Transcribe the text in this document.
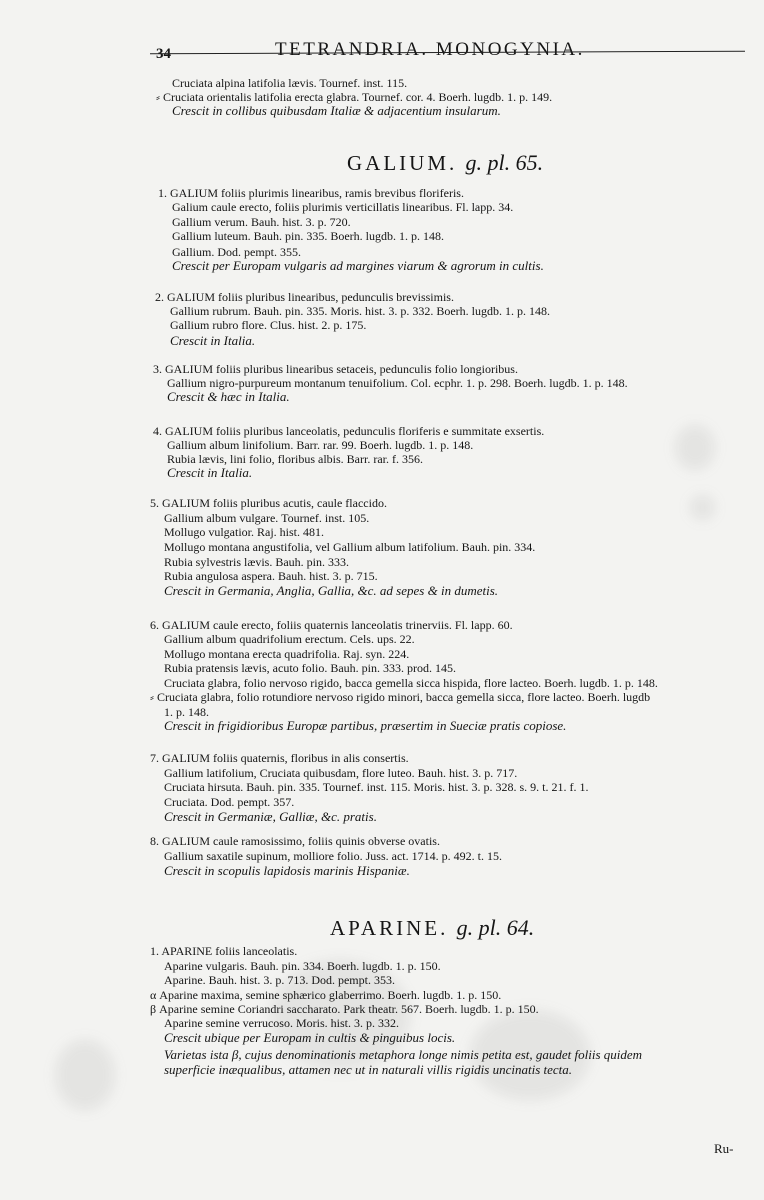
34	TETRANDRIA. MONOGYNIA.
Cruciata alpina latifolia lævis. Tournef. inst. 115.
⸗ Cruciata orientalis latifolia erecta glabra. Tournef. cor. 4. Boerh. lugdb. 1. p. 149.
Crescit in collibus quibusdam Italiæ & adjacentium insularum.
1. GALIUM foliis plurimis linearibus, ramis brevibus floriferis.
Galium caule erecto, foliis plurimis verticillatis linearibus. Fl. lapp. 34.
Gallium verum. Bauh. hist. 3. p. 720.
Gallium luteum. Bauh. pin. 335. Boerh. lugdb. 1. p. 148.
Gallium. Dod. pempt. 355.
Crescit per Europam vulgaris ad margines viarum & agrorum in cultis.
2. GALIUM foliis pluribus linearibus, pedunculis brevissimis.
Gallium rubrum. Bauh. pin. 335. Moris. hist. 3. p. 332. Boerh. lugdb. 1. p. 148.
Gallium rubro flore. Clus. hist. 2. p. 175.
Crescit in Italia.
3. GALIUM foliis pluribus linearibus setaceis, pedunculis folio longioribus.
Gallium nigro-purpureum montanum tenuifolium. Col. ecphr. 1. p. 298. Boerh. lugdb. 1. p. 148.
Crescit & hæc in Italia.
4. GALIUM foliis pluribus lanceolatis, pedunculis floriferis e summitate exsertis.
Gallium album linifolium. Barr. rar. 99. Boerh. lugdb. 1. p. 148.
Rubia lævis, lini folio, floribus albis. Barr. rar. f. 356.
Crescit in Italia.
5. GALIUM foliis pluribus acutis, caule flaccido.
Gallium album vulgare. Tournef. inst. 105.
Mollugo vulgatior. Raj. hist. 481.
Mollugo montana angustifolia, vel Gallium album latifolium. Bauh. pin. 334.
Rubia sylvestris lævis. Bauh. pin. 333.
Rubia angulosa aspera. Bauh. hist. 3. p. 715.
Crescit in Germania, Anglia, Gallia, &c. ad sepes & in dumetis.
6. GALIUM caule erecto, foliis quaternis lanceolatis trinerviis. Fl. lapp. 60.
Gallium album quadrifolium erectum. Cels. ups. 22.
Mollugo montana erecta quadrifolia. Raj. syn. 224.
Rubia pratensis lævis, acuto folio. Bauh. pin. 333. prod. 145.
Cruciata glabra, folio nervoso rigido, bacca gemella sicca hispida, flore lacteo. Boerh. lugdb. 1. p. 148.
⸗ Cruciata glabra, folio rotundiore nervoso rigido minori, bacca gemella sicca, flore lacteo. Boerh. lugdb
1. p. 148.
Crescit in frigidioribus Europæ partibus, præsertim in Sueciæ pratis copiose.
7. GALIUM foliis quaternis, floribus in alis consertis.
Gallium latifolium, Cruciata quibusdam, flore luteo. Bauh. hist. 3. p. 717.
Cruciata hirsuta. Bauh. pin. 335. Tournef. inst. 115. Moris. hist. 3. p. 328. s. 9. t. 21. f. 1.
Cruciata. Dod. pempt. 357.
Crescit in Germaniæ, Galliæ, &c. pratis.
8. GALIUM caule ramosissimo, foliis quinis obverse ovatis.
Gallium saxatile supinum, molliore folio. Juss. act. 1714. p. 492. t. 15.
Crescit in scopulis lapidosis marinis Hispaniæ.
1. APARINE foliis lanceolatis.
Aparine vulgaris. Bauh. pin. 334. Boerh. lugdb. 1. p. 150.
Aparine. Bauh. hist. 3. p. 713. Dod. pempt. 353.
α Aparine maxima, semine sphærico glaberrimo. Boerh. lugdb. 1. p. 150.
β Aparine semine Coriandri saccharato. Park theatr. 567. Boerh. lugdb. 1. p. 150.
Aparine semine verrucoso. Moris. hist. 3. p. 332.
Crescit ubique per Europam in cultis & pinguibus locis.
Varietas ista β, cujus denominationis metaphora longe nimis petita est, gaudet foliis quidem
superficie inæqualibus, attamen nec ut in naturali villis rigidis uncinatis tecta.
GALIUM. g. pl. 65.
APARINE. g. pl. 64.
Ru-
